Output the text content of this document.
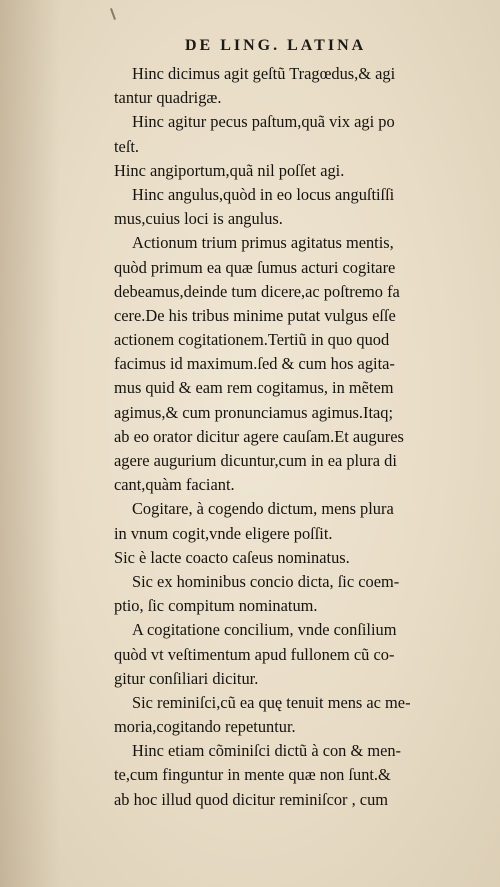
DE LING. LATINA
Hinc dicimus agit geſtũ Tragœdus,& agi
tantur quadrigæ.
Hinc agitur pecus paſtum,quã vix agi po
teſt.
Hinc angiportum,quã nil poſſet agi.
Hinc angulus,quòd in eo locus anguſtiſſi
mus,cuius loci is angulus.
Actionum trium primus agitatus mentis,
quòd primum ea quæ ſumus acturi cogitare
debeamus,deinde tum dicere,ac poſtremo fa
cere.De his tribus minime putat vulgus eſſe
actionem cogitationem.Tertiũ in quo quod
facimus id maximum.ſed & cum hos agita-
mus quid & eam rem cogitamus, in mẽtem
agimus,& cum pronunciamus agimus.Itaq;
ab eo orator dicitur agere cauſam.Et augures
agere augurium dicuntur,cum in ea plura di
cant,quàm faciant.
Cogitare, à cogendo dictum, mens plura
in vnum cogit,vnde eligere poſſit.
Sic è lacte coacto caſeus nominatus.
Sic ex hominibus concio dicta, ſic coem-
ptio, ſic compitum nominatum.
A cogitatione concilium, vnde conſilium
quòd vt veſtimentum apud fullonem cũ co-
gitur conſiliari dicitur.
Sic reminiſci,cũ ea quę tenuit mens ac me-
moria,cogitando repetuntur.
Hinc etiam cõminiſci dictũ à con & men-
te,cum finguntur in mente quæ non ſunt.&
ab hoc illud quod dicitur reminiſcor , cum
